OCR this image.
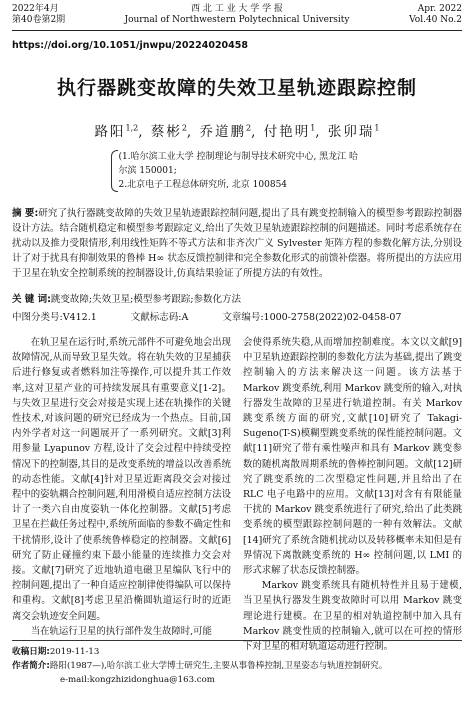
2022年4月
第40卷第2期
西 北 工 业 大 学 学 报
Journal of Northwestern Polytechnical University
Apr. 2022
Vol.40 No.2
https://doi.org/10.1051/jnwpu/20224020458
执行器跳变故障的失效卫星轨迹跟踪控制
路阳$^{1,2}$, 蔡彬$^2$, 乔道鹏$^2$, 付艳明$^1$, 张卯瑞$^1$
(1.哈尔滨工业大学 控制理论与制导技术研究中心, 黑龙江 哈尔滨 150001;
2.北京电子工程总体研究所, 北京 100854
摘 要:研究了执行器跳变故障的失效卫星轨迹跟踪控制问题,提出了具有跳变控制输入的模型参考跟踪控制器设计方法。结合随机稳定和模型参考跟踪定义,给出了失效卫星轨迹跟踪控制的问题描述。同时考虑系统存在扰动以及推力受限情形,利用线性矩阵不等式方法和非齐次广义 Sylvester 矩阵方程的参数化解方法,分别设计了对于扰具有抑制效果的鲁棒 H∞ 状态反馈控制律和完全参数化形式的前馈补偿器。将所提出的方法应用于卫星在轨安全控制系统的控制器设计,仿真结果验证了所提方法的有效性。
关 键 词:跳变故障;失效卫星;模型参考跟踪;参数化方法
中图分类号:V412.1	文献标志码:A	文章编号:1000-2758(2022)02-0458-07

在轨卫星在运行时,系统元部件不可避免地会出现故障情况,从而导致卫星失效。将在轨失效的卫星捕获后进行修复或者燃料加注等操作,可以提升其工作效率,这对卫星产业的可持续发展具有重要意义[1-2]。与失效卫星进行交会对接是实现上述在轨操作的关键性技术,对该问题的研究已经成为一个热点。目前,国内外学者对这一问题展开了一系列研究。文献[3]利用参量 Lyapunov 方程,设计了交会过程中持续受控情况下的控制器,其目的是改变系统的增益以改善系统的动态性能。文献[4]针对卫星近距离段交会对接过程中的姿轨耦合控制问题,利用滑模自适应控制方法设计了一类六自由度姿轨一体化控制器。文献[5]考虑卫星在拦截任务过程中,系统所面临的参数不确定性和干扰情形,设计了使系统鲁棒稳定的控制器。文献[6]研究了防止碰撞约束下最小能量的连续推力交会对接。文献[7]研究了近地轨道电磁卫星编队飞行中的控制问题,提出了一种自适应控制律使得编队可以保持和重构。文献[8]考虑卫星沿椭圆轨道运行时的近距离交会轨迹安全问题。

当在轨运行卫星的执行部件发生故障时,可能

会使得系统失稳,从而增加控制难度。本文以文献[9]中卫星轨迹跟踪控制的参数化方法为基础,提出了跳变控制输入的方法来解决这一问题。该方法基于 Markov 跳变系统,利用 Markov 跳变所的输入,对执行器发生故障的卫星进行轨道控制。有关 Markov 跳变系统方面的研究,文献[10]研究了 Takagi-Sugeno(T-S)模糊型跳变系统的保性能控制问题。文献[11]研究了带有乘性噪声和具有 Markov 跳变参数的随机离散周期系统的鲁棒控制问题。文献[12]研究了跳变系统的二次型稳定性问题,并且给出了在 RLC 电子电路中的应用。文献[13]对含有有限能量干扰的 Markov 跳变系统进行了研究,给出了此类跳变系统的模型跟踪控制问题的一种有效解法。文献[14]研究了系统含随机扰动以及转移概率未知但是有界情况下离散跳变系统的 H∞ 控制问题,以 LMI 的形式求解了状态反馈控制器。

Markov 跳变系统具有随机特性并且易于建模,当卫星执行器发生跳变故障时可以用 Markov 跳变理论进行建模。在卫星的相对轨道控制中加入具有 Markov 跳变性质的控制输入,就可以在可控的情形下对卫星的相对轨道运动进行控制。

收稿日期:2019-11-13
作者简介:路阳(1987—),哈尔滨工业大学博士研究生,主要从事鲁棒控制,卫星姿态与轨道控制研究。
e-mail:kongzhizidonghua@163.com
